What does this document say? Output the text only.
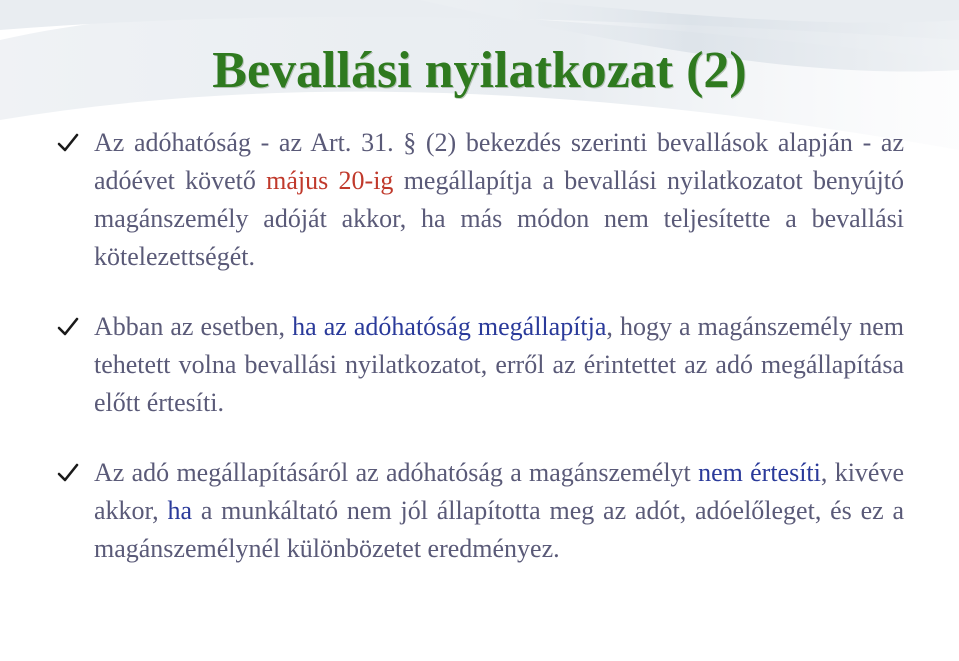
Bevallási nyilatkozat (2)
Az adóhatóság - az Art. 31. § (2) bekezdés szerinti bevallások alapján - az adóévet követő május 20-ig megállapítja a bevallási nyilatkozatot benyújtó magánszemély adóját akkor, ha más módon nem teljesítette a bevallási kötelezettségét.
Abban az esetben, ha az adóhatóság megállapítja, hogy a magánszemély nem tehetett volna bevallási nyilatkozatot, erről az érintettet az adó megállapítása előtt értesíti.
Az adó megállapításáról az adóhatóság a magánszemélyt nem értesíti, kivéve akkor, ha a munkáltató nem jól állapította meg az adót, adóelőleget, és ez a magánszemélynél különbözetet eredményez.
